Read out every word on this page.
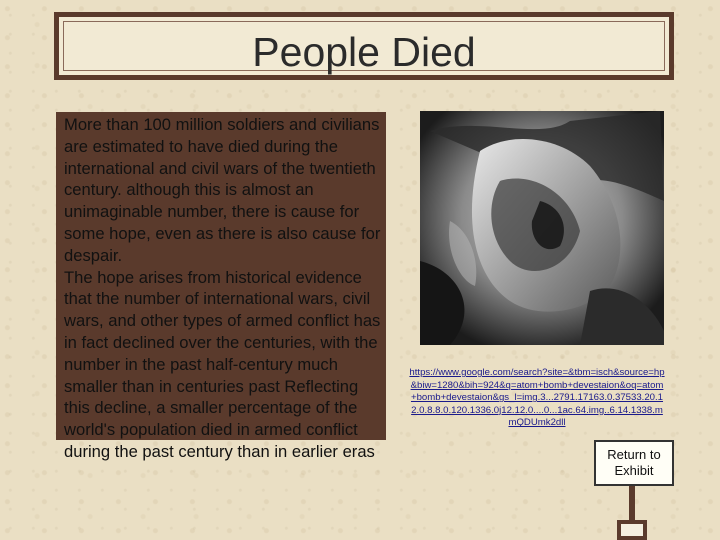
People Died

More than 100 million soldiers and civilians are estimated to have died during the international and civil wars of the twentieth century. although this is almost an unimaginable number, there is cause for some hope, even as there is also cause for despair.

The hope arises from historical evidence that the number of international wars, civil wars, and other types of armed conflict has in fact declined over the centuries, with the number in the past half-century much smaller than in centuries past Reflecting this decline, a smaller percentage of the world's population died in armed conflict during the past century than in earlier eras

https://www.google.com/search?site=&tbm=isch&source=hp&biw=1280&bih=924&q=atom+bomb+devestaion&oq=atom+bomb+devestaion&gs_l=img.3...2791.17163.0.37533.20.12.0.8.8.0.120.1336.0j12.12.0....0...1ac.64.img..6.14.1338.mmQDUmk2dll
Return to
Exhibit
